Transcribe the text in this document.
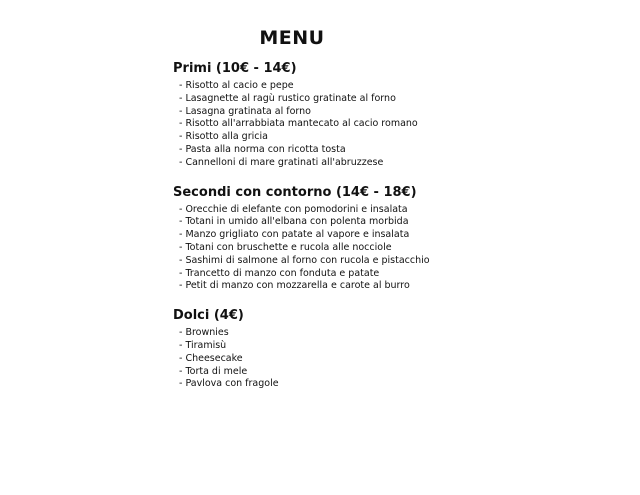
MENU
Primi (10€ - 14€)
- Risotto al cacio e pepe
- Lasagnette al ragù rustico gratinate al forno
- Lasagna gratinata al forno
- Risotto all'arrabbiata mantecato al cacio romano
- Risotto alla gricia
- Pasta alla norma con ricotta tosta
- Cannelloni di mare gratinati all'abruzzese
Secondi con contorno (14€ - 18€)
- Orecchie di elefante con pomodorini e insalata
- Totani in umido all'elbana con polenta morbida
- Manzo grigliato con patate al vapore e insalata
- Totani con bruschette e rucola alle nocciole
- Sashimi di salmone al forno con rucola e pistacchio
- Trancetto di manzo con fonduta e patate
- Petit di manzo con mozzarella e carote al burro
Dolci (4€)
- Brownies
- Tiramisù
- Cheesecake
- Torta di mele
- Pavlova con fragole
